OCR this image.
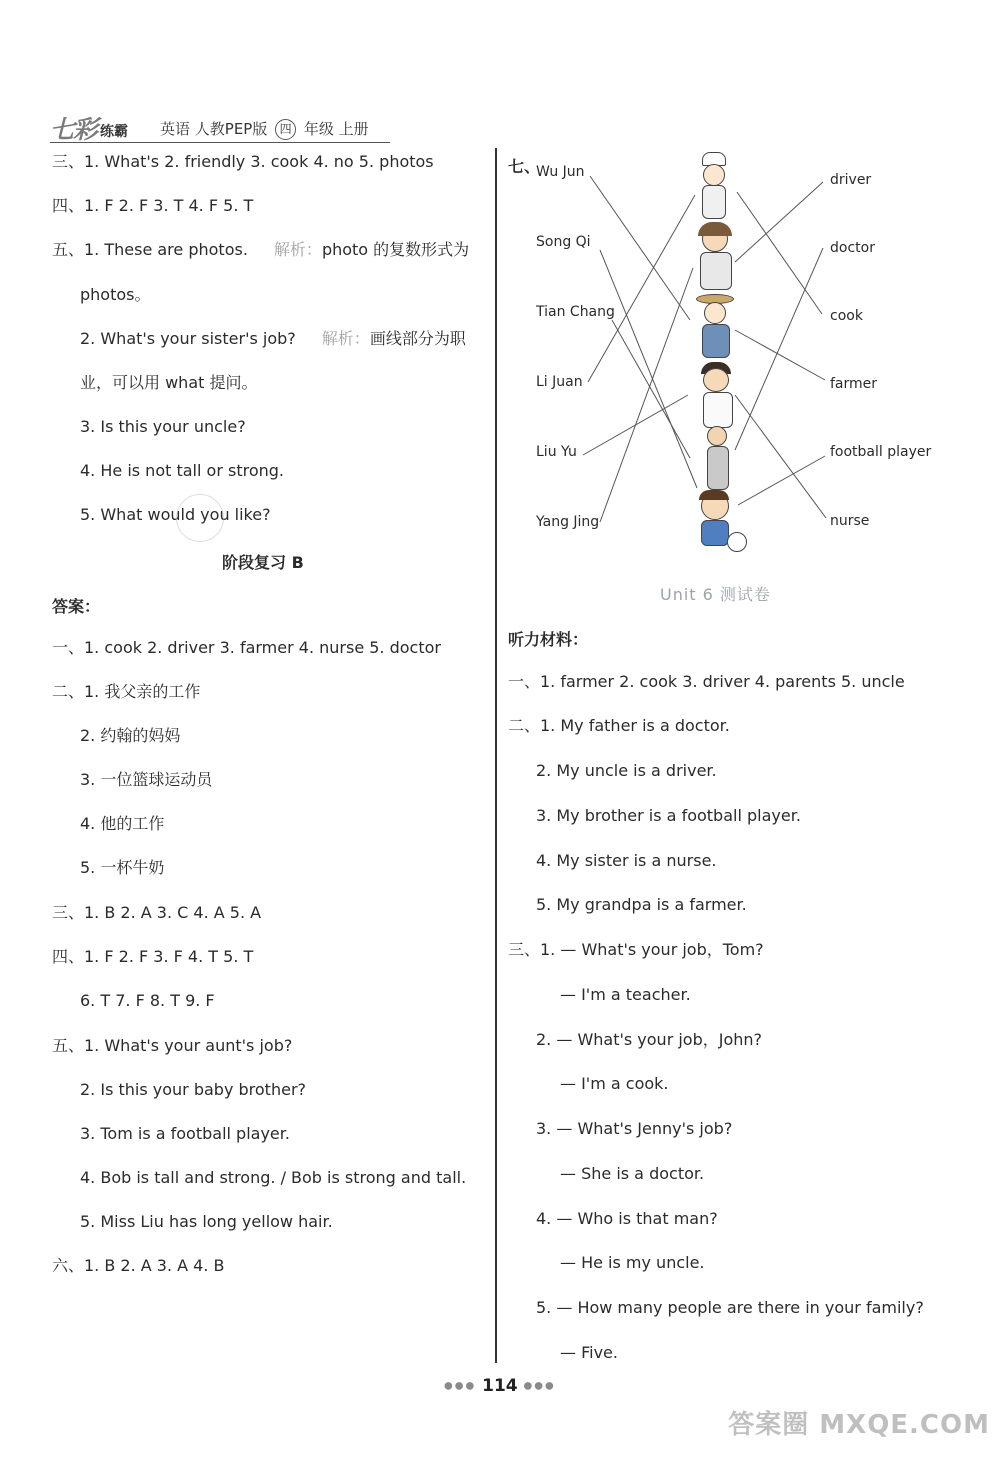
七彩 练霸 英语 人教PEP版 四 年级 上册
三、1. What's 2. friendly 3. cook 4. no 5. photos
四、1. F 2. F 3. T 4. F 5. T
五、1. These are photos. 解析：photo 的复数形式为
photos。
2. What's your sister's job? 解析：画线部分为职
业，可以用 what 提问。
3. Is this your uncle?
4. He is not tall or strong.
5. What would you like?
阶段复习 B
答案：
一、1. cook 2. driver 3. farmer 4. nurse 5. doctor
二、1. 我父亲的工作
2. 约翰的妈妈
3. 一位篮球运动员
4. 他的工作
5. 一杯牛奶
三、1. B 2. A 3. C 4. A 5. A
四、1. F 2. F 3. F 4. T 5. T
6. T 7. F 8. T 9. F
五、1. What's your aunt's job?
2. Is this your baby brother?
3. Tom is a football player.
4. Bob is tall and strong. / Bob is strong and tall.
5. Miss Liu has long yellow hair.
六、1. B 2. A 3. A 4. B
七、
Wu Jun
Song Qi
Tian Chang
Li Juan
Liu Yu
Yang Jing
driver
doctor
cook
farmer
football player
nurse
Unit 6 测试卷
听力材料：
一、1. farmer 2. cook 3. driver 4. parents 5. uncle
二、1. My father is a doctor.
2. My uncle is a driver.
3. My brother is a football player.
4. My sister is a nurse.
5. My grandpa is a farmer.
三、1. — What's your job，Tom?
— I'm a teacher.
2. — What's your job，John?
— I'm a cook.
3. — What's Jenny's job?
— She is a doctor.
4. — Who is that man?
— He is my uncle.
5. — How many people are there in your family?
— Five.
●●● 114 ●●●
答案圈 MXQE.COM
